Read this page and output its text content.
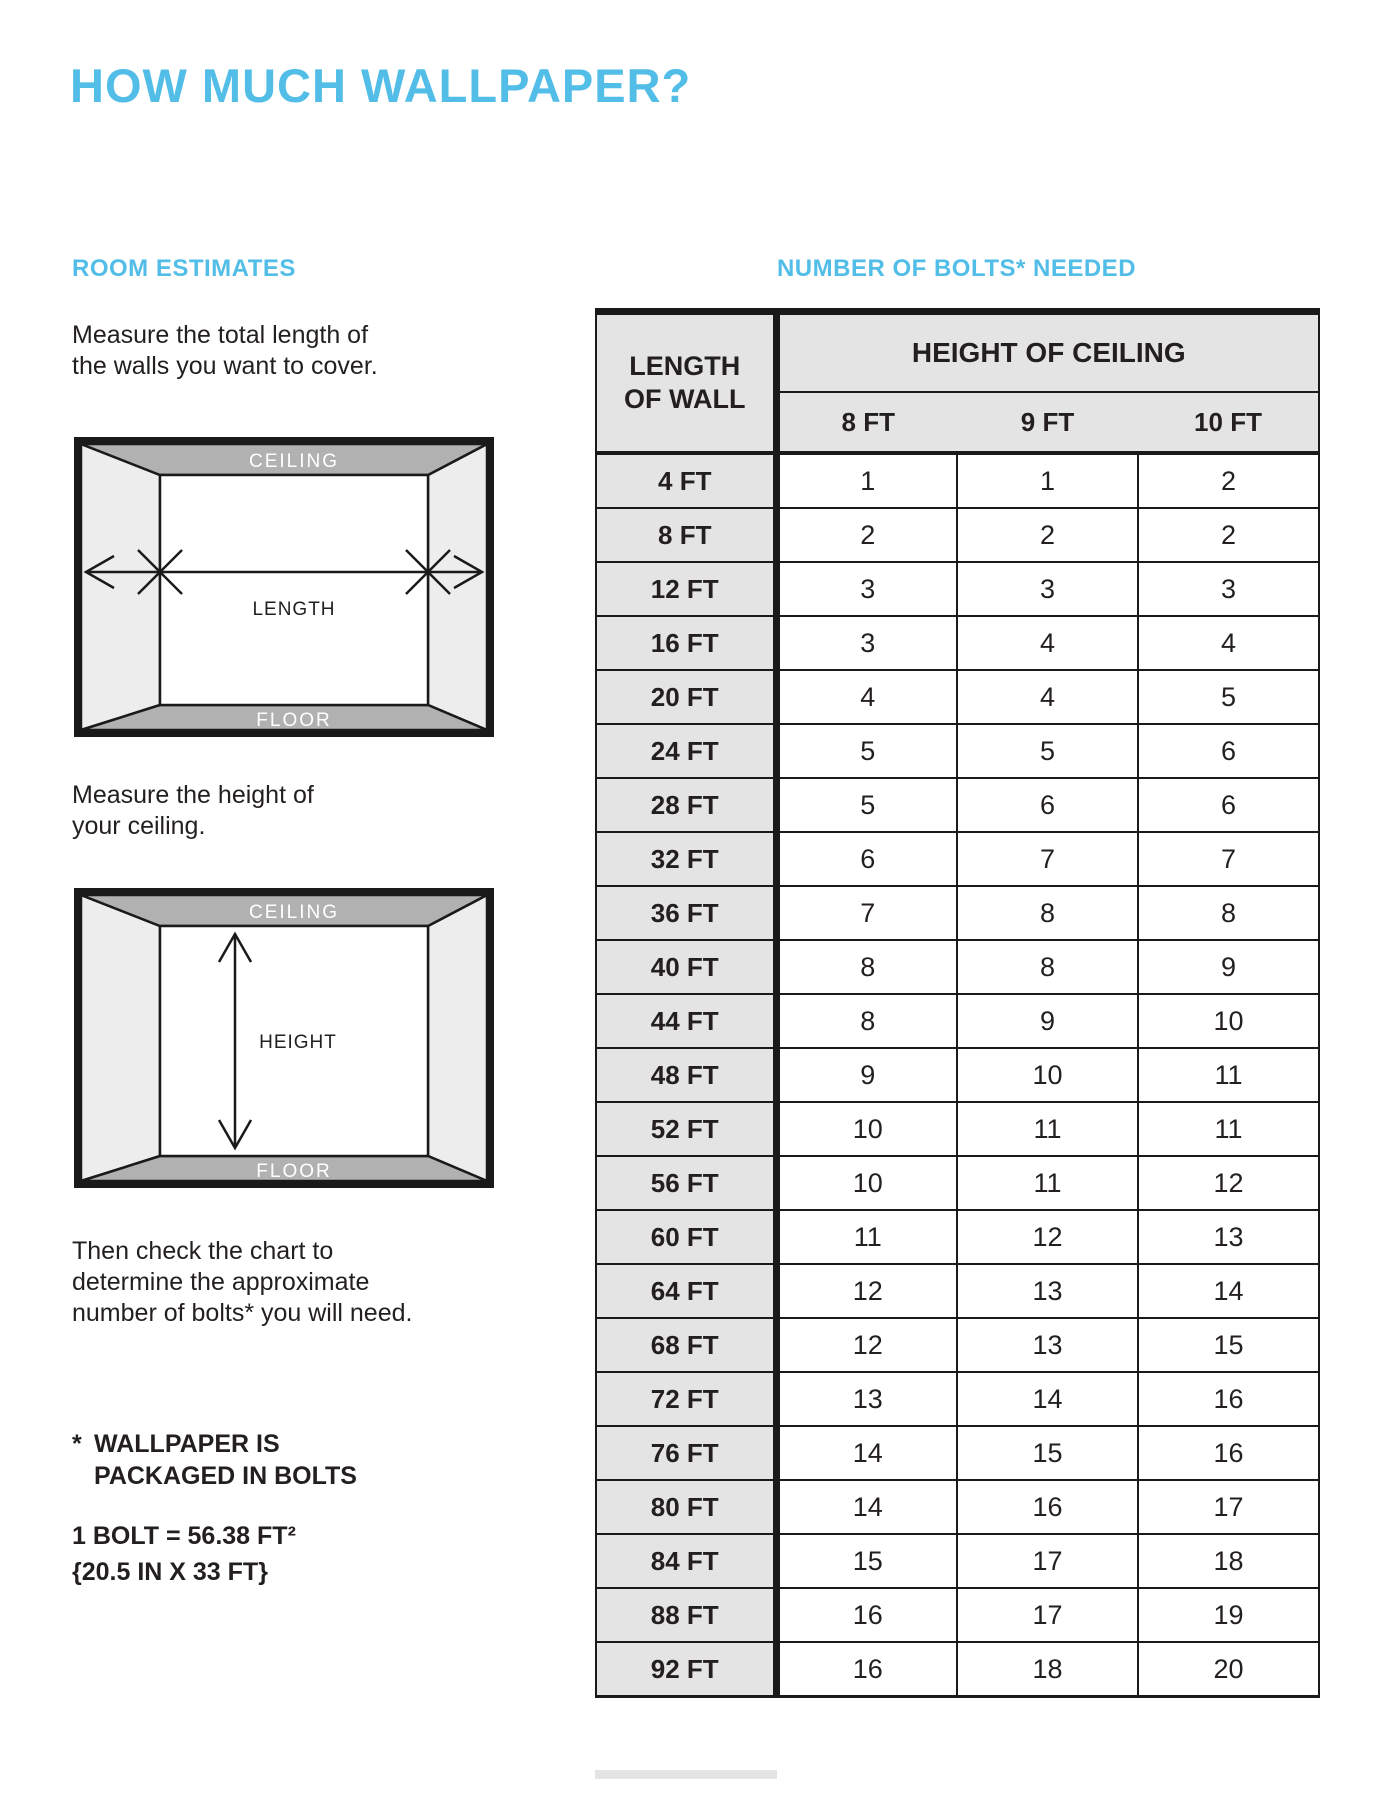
HOW MUCH WALLPAPER?
ROOM ESTIMATES	NUMBER OF BOLTS* NEEDED
Measure the total length of
the walls you want to cover.
CEILING
FLOOR
LENGTH
Measure the height of
your ceiling.
CEILING
FLOOR
HEIGHT
Then check the chart to
determine the approximate
number of bolts* you will need.
* WALLPAPER IS
PACKAGED IN BOLTS
1 BOLT = 56.38 FT²
{20.5 IN X 33 FT}
LENGTH
OF WALL	HEIGHT OF CEILING		
	8 FT	9 FT	10 FT
4 FT	1	1	2
8 FT	2	2	2
12 FT	3	3	3
16 FT	3	4	4
20 FT	4	4	5
24 FT	5	5	6
28 FT	5	6	6
32 FT	6	7	7
36 FT	7	8	8
40 FT	8	8	9
44 FT	8	9	10
48 FT	9	10	11
52 FT	10	11	11
56 FT	10	11	12
60 FT	11	12	13
64 FT	12	13	14
68 FT	12	13	15
72 FT	13	14	16
76 FT	14	15	16
80 FT	14	16	17
84 FT	15	17	18
88 FT	16	17	19
92 FT	16	18	20
